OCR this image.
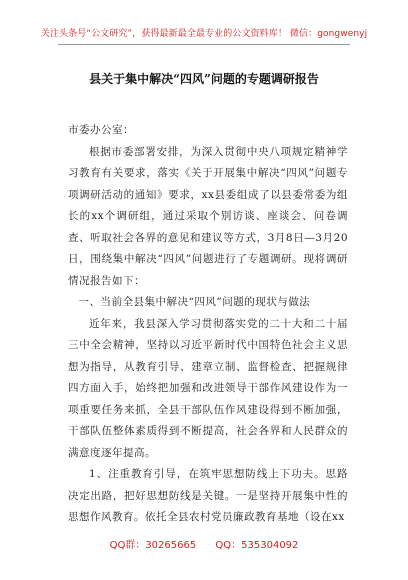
关注头条号“公文研究”，获得最新最全最专业的公文资料库！ 微信：gongwenyj
县关于集中解决“四风”问题的专题调研报告

市委办公室：

根据市委部署安排，为深入贯彻中央八项规定精神学习教育有关要求，落实《关于开展集中解决“四风”问题专项调研活动的通知》要求，xx县委组成了以县委常委为组长的xx个调研组，通过采取个别访谈、座谈会、问卷调查、听取社会各界的意见和建议等方式，3月8日—3月20日，围绕集中解决“四风”问题进行了专题调研。现将调研情况报告如下：

一、当前全县集中解决“四风”问题的现状与做法

近年来，我县深入学习贯彻落实党的二十大和二十届三中全会精神，坚持以习近平新时代中国特色社会主义思想为指导，从教育引导、建章立制、监督检查、把握规律四方面入手，始终把加强和改进领导干部作风建设作为一项重要任务来抓，全县干部队伍作风建设得到不断加强，干部队伍整体素质得到不断提高，社会各界和人民群众的满意度逐年提高。

1、注重教育引导，在筑牢思想防线上下功夫。思路决定出路，把好思想防线是关键。一是坚持开展集中性的思想作风教育。依托全县农村党员廉政教育基地（设在xx

QQ群：30265665 QQ：535304092
